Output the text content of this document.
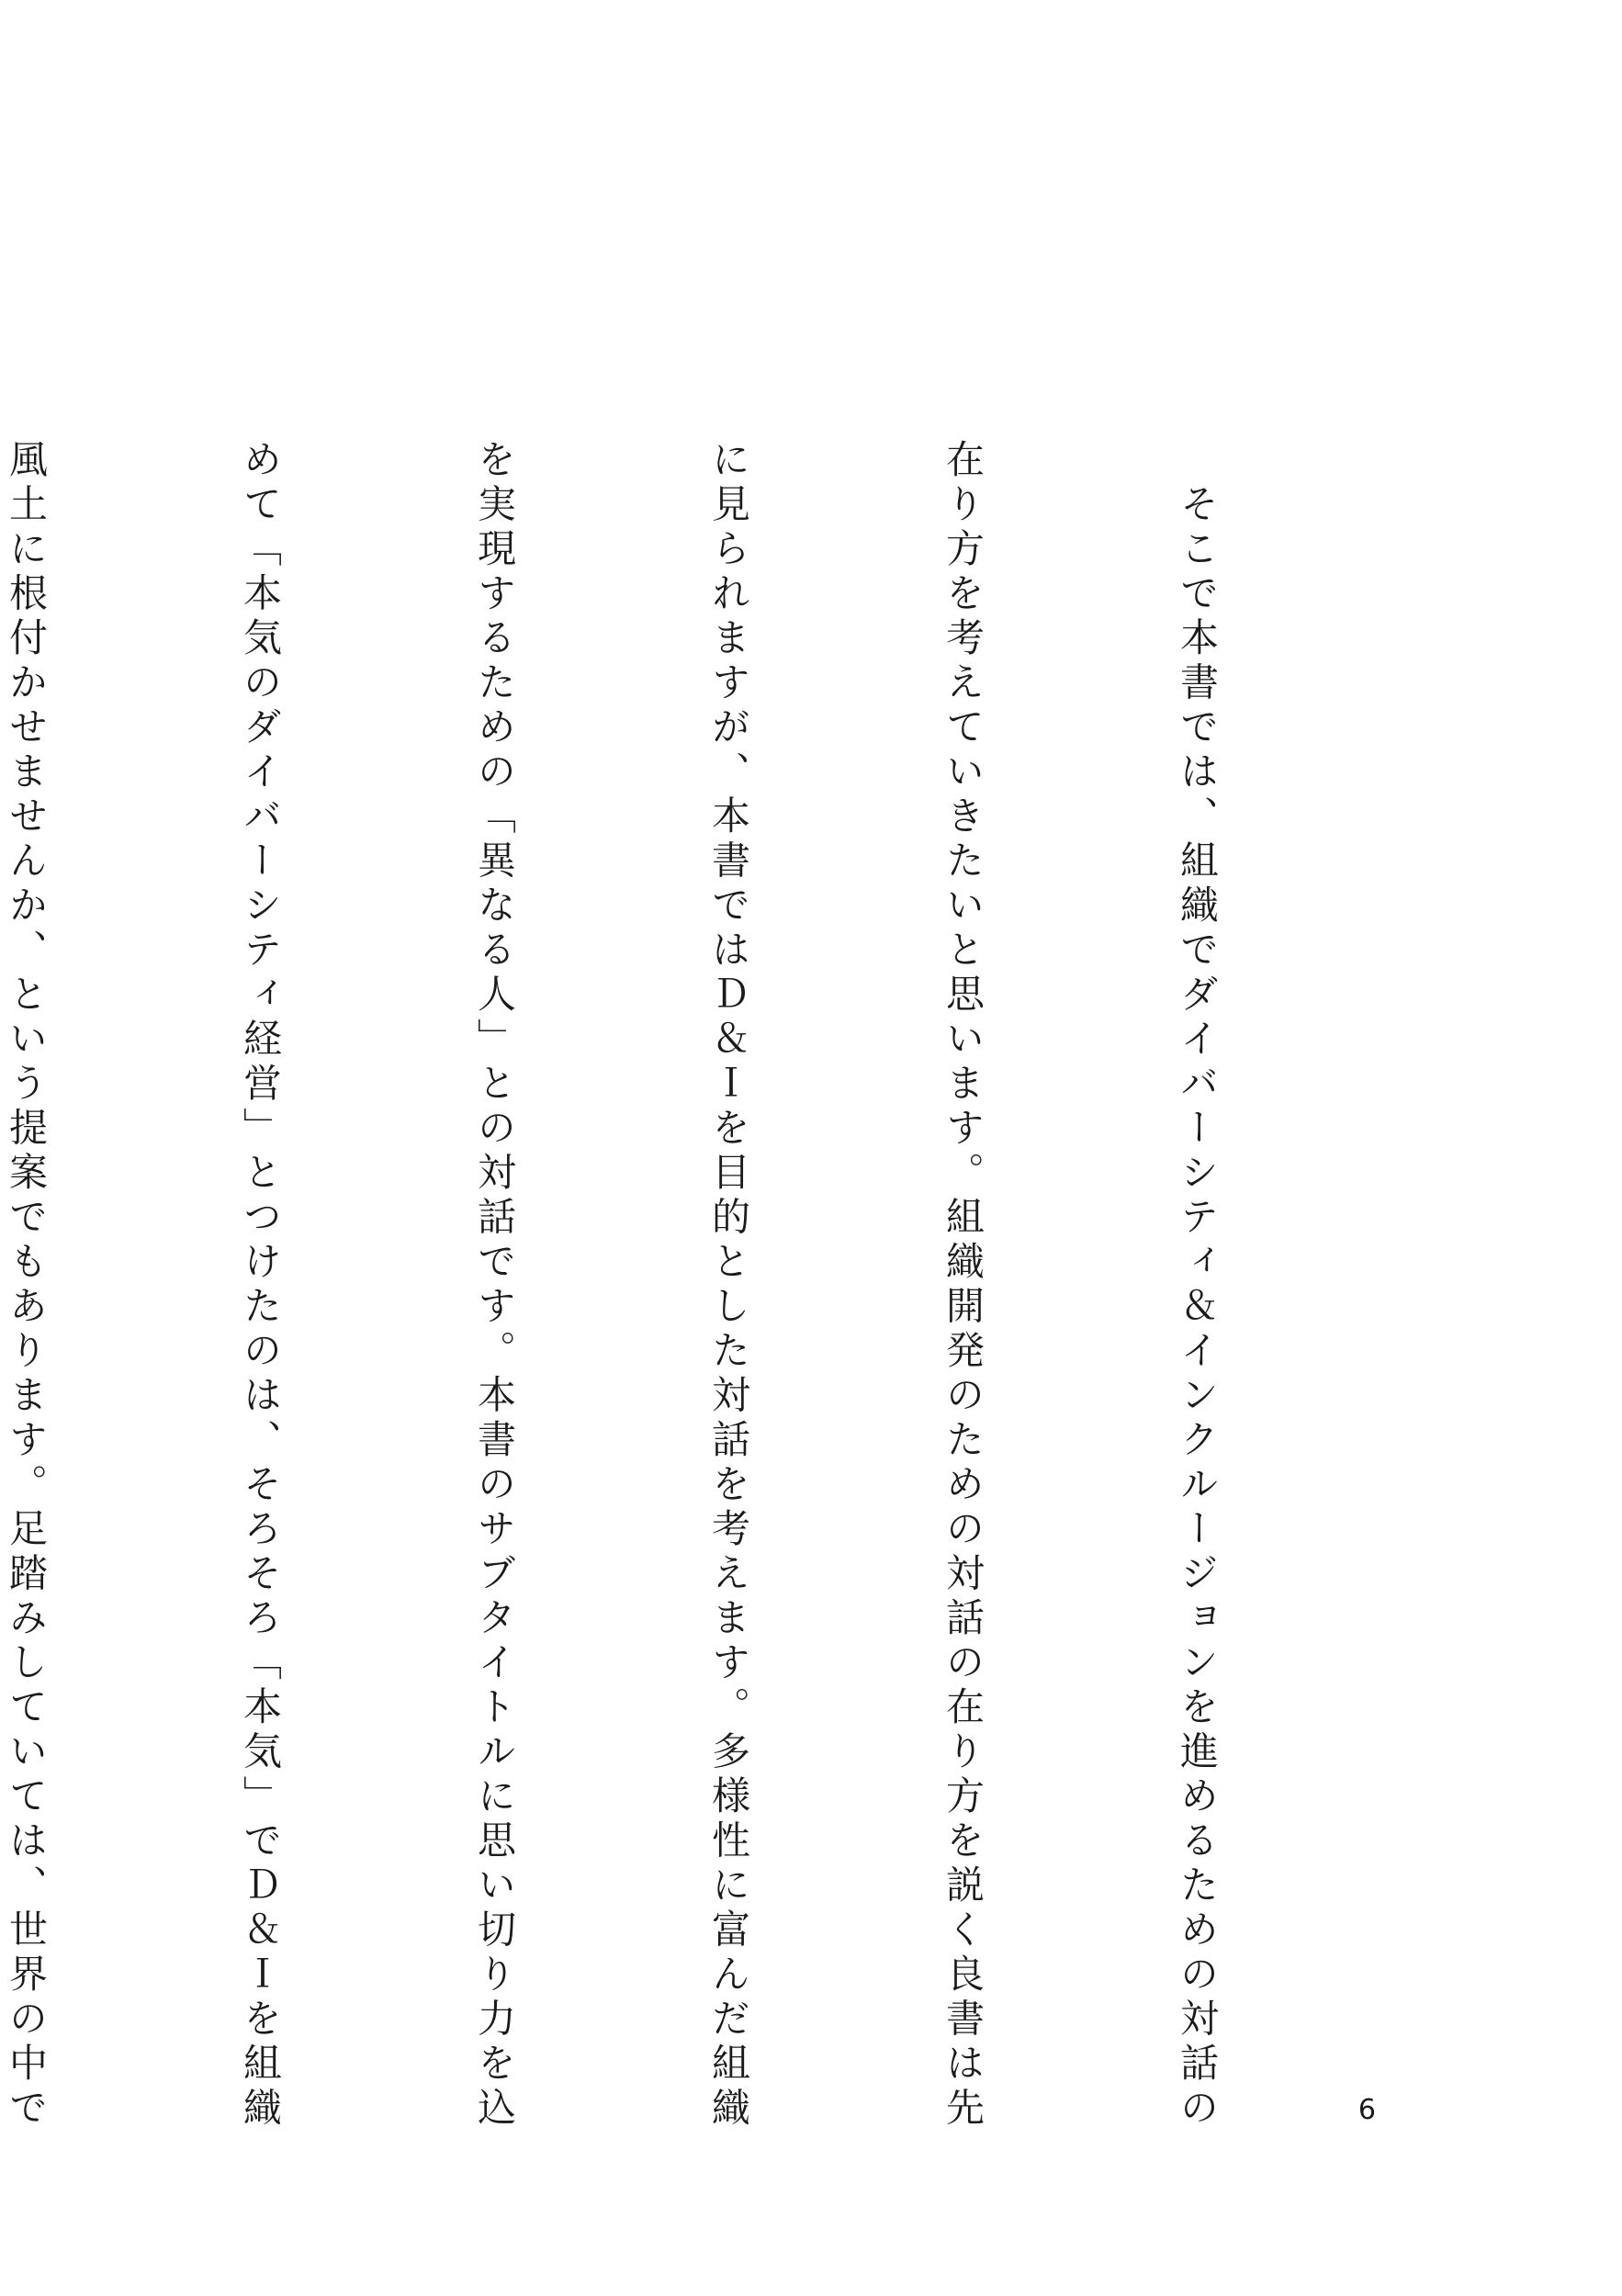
　そこで本書では、組織でダイバーシティ＆インクルージョンを進めるための対話の

在り方を考えていきたいと思います。組織開発のための対話の在り方を説く良書は先

に見られますが、本書ではＤ＆Ｉを目的とした対話を考えます。多様性に富んだ組織

を実現するための「異なる人」との対話です。本書のサブタイトルに思い切り力を込

めて「本気のダイバーシティ経営」とつけたのは、そろそろ「本気」でＤ＆Ｉを組織

風土に根付かせませんか、という提案でもあります。足踏みしていては、世界の中で

	6
